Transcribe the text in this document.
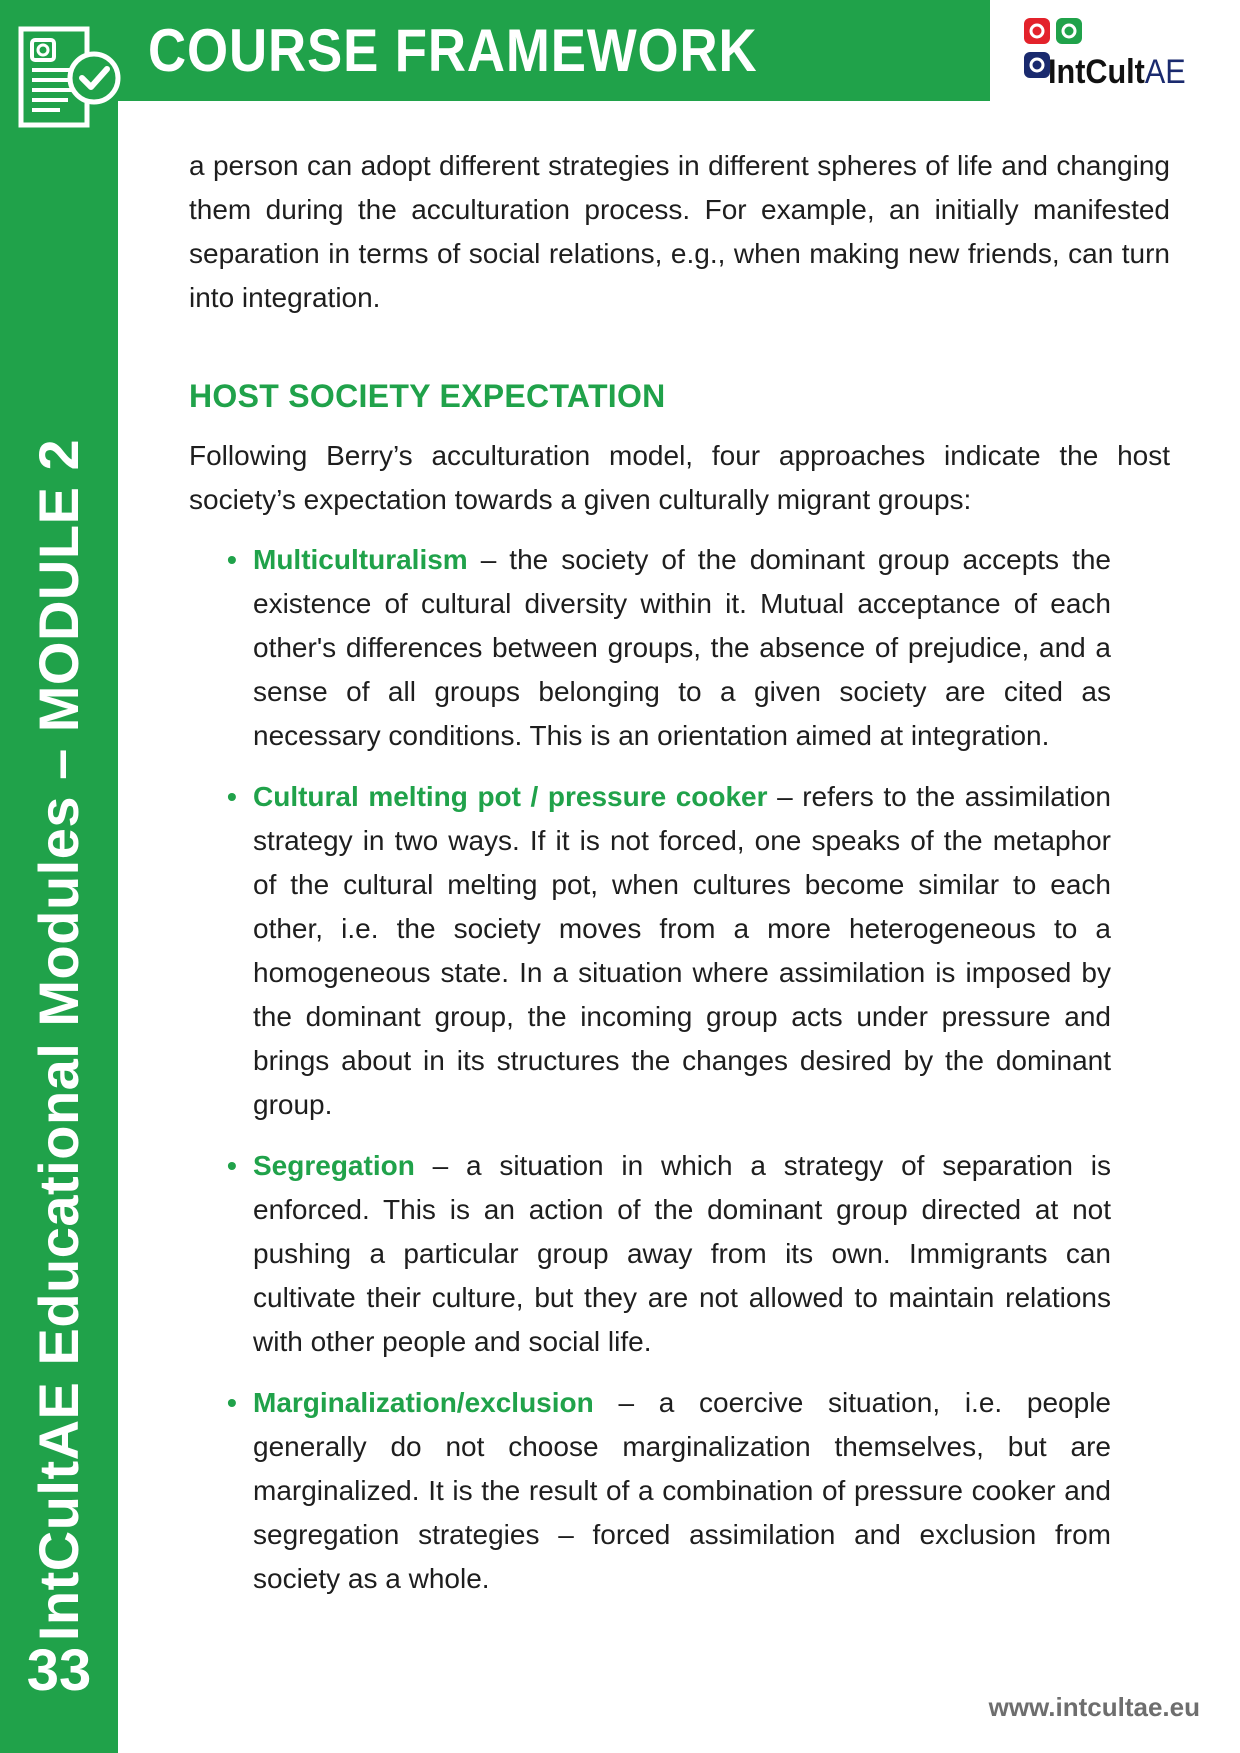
COURSE FRAMEWORK	IntCultAE
IntCultAE Educational Modules – MODULE 2
33

a person can adopt different strategies in different spheres of life and changing them during the acculturation process. For example, an initially manifested separation in terms of social relations, e.g., when making new friends, can turn into integration.

HOST SOCIETY EXPECTATION

Following Berry’s acculturation model, four approaches indicate the host society’s expectation towards a given culturally migrant groups:

• Multiculturalism – the society of the dominant group accepts the existence of cultural diversity within it. Mutual acceptance of each other's differences between groups, the absence of prejudice, and a sense of all groups belonging to a given society are cited as necessary conditions. This is an orientation aimed at integration.
• Cultural melting pot / pressure cooker – refers to the assimilation strategy in two ways. If it is not forced, one speaks of the metaphor of the cultural melting pot, when cultures become similar to each other, i.e. the society moves from a more heterogeneous to a homogeneous state. In a situation where assimilation is imposed by the dominant group, the incoming group acts under pressure and brings about in its structures the changes desired by the dominant group.
• Segregation – a situation in which a strategy of separation is enforced. This is an action of the dominant group directed at not pushing a particular group away from its own. Immigrants can cultivate their culture, but they are not allowed to maintain relations with other people and social life.
• Marginalization/exclusion – a coercive situation, i.e. people generally do not choose marginalization themselves, but are marginalized. It is the result of a combination of pressure cooker and segregation strategies – forced assimilation and exclusion from society as a whole.
www.intcultae.eu
